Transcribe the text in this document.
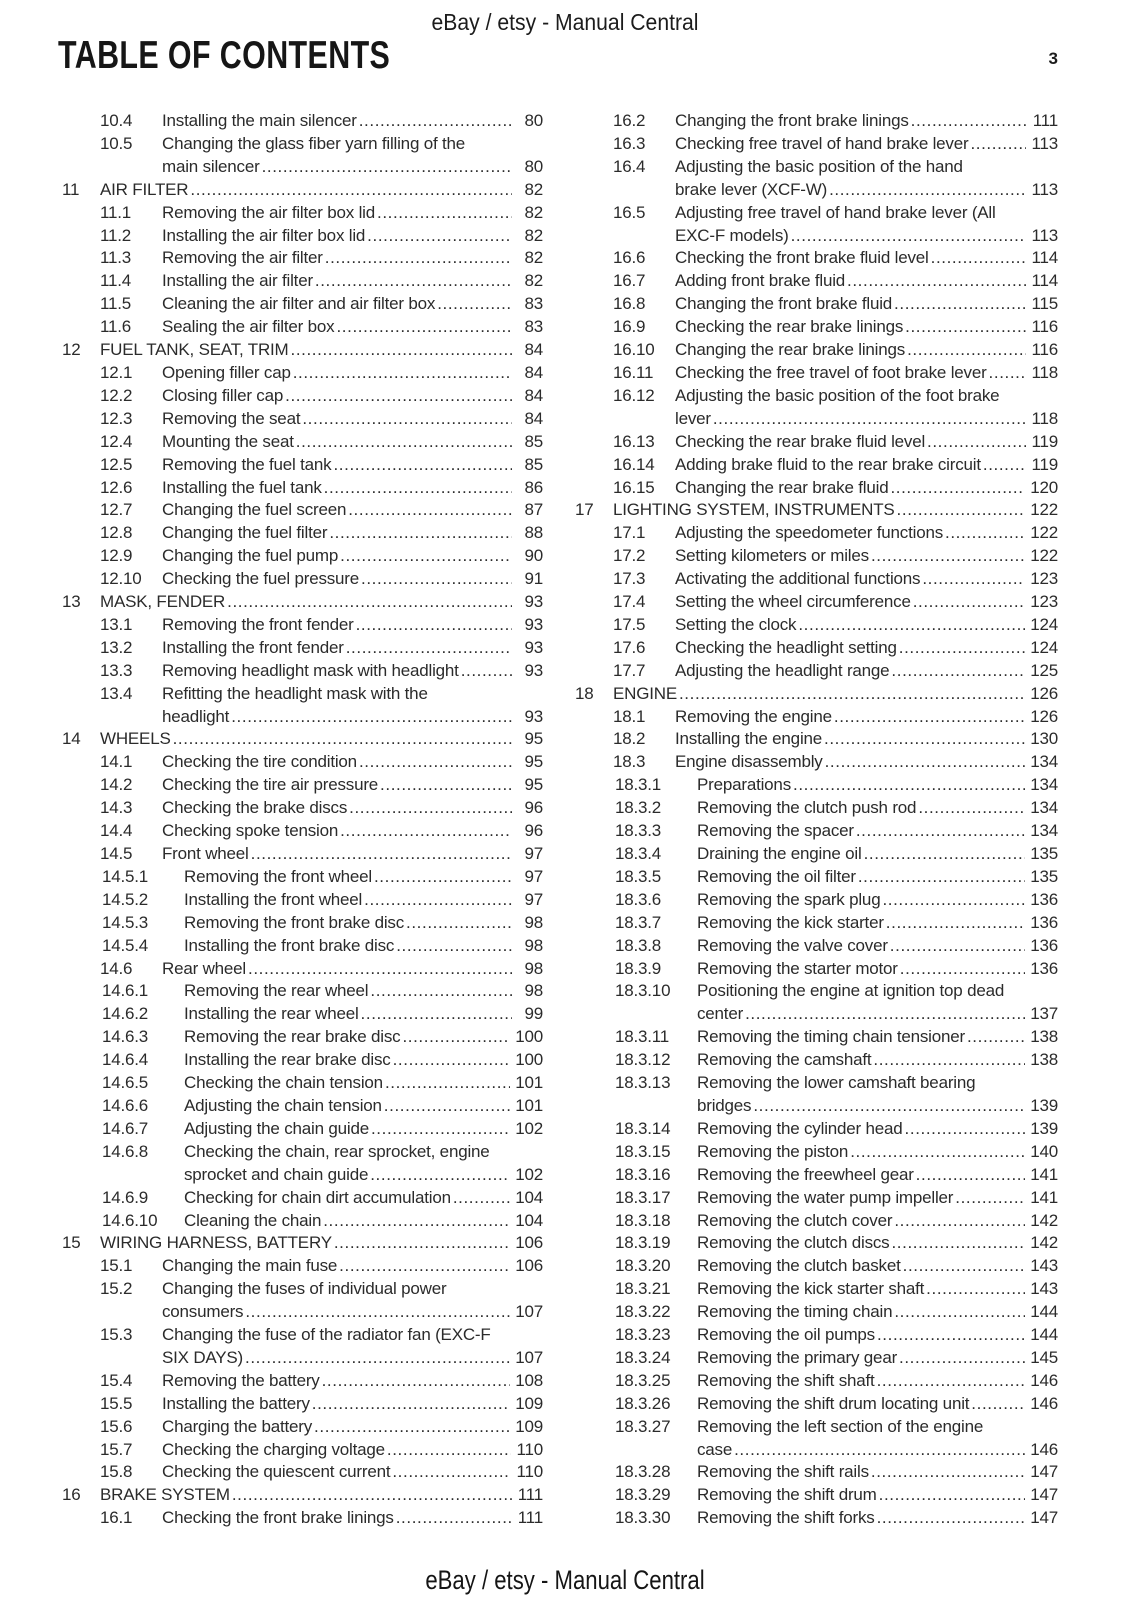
eBay / etsy - Manual Central
TABLE OF CONTENTS	3
10.4	Installing the main silencer .....	80
10.5	Changing the glass fiber yarn filling of the
main silencer .....	80
11	AIR FILTER .....	82
11.1	Removing the air filter box lid .....	82
11.2	Installing the air filter box lid .....	82
11.3	Removing the air filter .....	82
11.4	Installing the air filter .....	82
11.5	Cleaning the air filter and air filter box .....	83
11.6	Sealing the air filter box .....	83
12	FUEL TANK, SEAT, TRIM .....	84
12.1	Opening filler cap .....	84
12.2	Closing filler cap .....	84
12.3	Removing the seat .....	84
12.4	Mounting the seat .....	85
12.5	Removing the fuel tank .....	85
12.6	Installing the fuel tank .....	86
12.7	Changing the fuel screen .....	87
12.8	Changing the fuel filter .....	88
12.9	Changing the fuel pump .....	90
12.10	Checking the fuel pressure .....	91
13	MASK, FENDER .....	93
13.1	Removing the front fender .....	93
13.2	Installing the front fender .....	93
13.3	Removing headlight mask with headlight .....	93
13.4	Refitting the headlight mask with the
headlight .....	93
14	WHEELS .....	95
14.1	Checking the tire condition .....	95
14.2	Checking the tire air pressure .....	95
14.3	Checking the brake discs .....	96
14.4	Checking spoke tension .....	96
14.5	Front wheel .....	97
14.5.1	Removing the front wheel .....	97
14.5.2	Installing the front wheel .....	97
14.5.3	Removing the front brake disc .....	98
14.5.4	Installing the front brake disc .....	98
14.6	Rear wheel .....	98
14.6.1	Removing the rear wheel .....	98
14.6.2	Installing the rear wheel .....	99
14.6.3	Removing the rear brake disc .....	100
14.6.4	Installing the rear brake disc .....	100
14.6.5	Checking the chain tension .....	101
14.6.6	Adjusting the chain tension .....	101
14.6.7	Adjusting the chain guide .....	102
14.6.8	Checking the chain, rear sprocket, engine
sprocket and chain guide .....	102
14.6.9	Checking for chain dirt accumulation .....	104
14.6.10	Cleaning the chain .....	104
15	WIRING HARNESS, BATTERY .....	106
15.1	Changing the main fuse .....	106
15.2	Changing the fuses of individual power
consumers .....	107
15.3	Changing the fuse of the radiator fan (EXC-F
SIX DAYS) .....	107
15.4	Removing the battery .....	108
15.5	Installing the battery .....	109
15.6	Charging the battery .....	109
15.7	Checking the charging voltage .....	110
15.8	Checking the quiescent current .....	110
16	BRAKE SYSTEM .....	111
16.1	Checking the front brake linings .....	111
16.2	Changing the front brake linings .....	111
16.3	Checking free travel of hand brake lever .....	113
16.4	Adjusting the basic position of the hand
brake lever (XCF-W) .....	113
16.5	Adjusting free travel of hand brake lever (All
EXC-F models) .....	113
16.6	Checking the front brake fluid level .....	114
16.7	Adding front brake fluid .....	114
16.8	Changing the front brake fluid .....	115
16.9	Checking the rear brake linings .....	116
16.10	Changing the rear brake linings .....	116
16.11	Checking the free travel of foot brake lever .....	118
16.12	Adjusting the basic position of the foot brake
lever .....	118
16.13	Checking the rear brake fluid level .....	119
16.14	Adding brake fluid to the rear brake circuit .....	119
16.15	Changing the rear brake fluid .....	120
17	LIGHTING SYSTEM, INSTRUMENTS .....	122
17.1	Adjusting the speedometer functions .....	122
17.2	Setting kilometers or miles .....	122
17.3	Activating the additional functions .....	123
17.4	Setting the wheel circumference .....	123
17.5	Setting the clock .....	124
17.6	Checking the headlight setting .....	124
17.7	Adjusting the headlight range .....	125
18	ENGINE .....	126
18.1	Removing the engine .....	126
18.2	Installing the engine .....	130
18.3	Engine disassembly .....	134
18.3.1	Preparations .....	134
18.3.2	Removing the clutch push rod .....	134
18.3.3	Removing the spacer .....	134
18.3.4	Draining the engine oil .....	135
18.3.5	Removing the oil filter .....	135
18.3.6	Removing the spark plug .....	136
18.3.7	Removing the kick starter .....	136
18.3.8	Removing the valve cover .....	136
18.3.9	Removing the starter motor .....	136
18.3.10	Positioning the engine at ignition top dead
center .....	137
18.3.11	Removing the timing chain tensioner .....	138
18.3.12	Removing the camshaft .....	138
18.3.13	Removing the lower camshaft bearing
bridges .....	139
18.3.14	Removing the cylinder head .....	139
18.3.15	Removing the piston .....	140
18.3.16	Removing the freewheel gear .....	141
18.3.17	Removing the water pump impeller .....	141
18.3.18	Removing the clutch cover .....	142
18.3.19	Removing the clutch discs .....	142
18.3.20	Removing the clutch basket .....	143
18.3.21	Removing the kick starter shaft .....	143
18.3.22	Removing the timing chain .....	144
18.3.23	Removing the oil pumps .....	144
18.3.24	Removing the primary gear .....	145
18.3.25	Removing the shift shaft .....	146
18.3.26	Removing the shift drum locating unit .....	146
18.3.27	Removing the left section of the engine
case .....	146
18.3.28	Removing the shift rails .....	147
18.3.29	Removing the shift drum .....	147
18.3.30	Removing the shift forks .....	147
eBay / etsy - Manual Central
